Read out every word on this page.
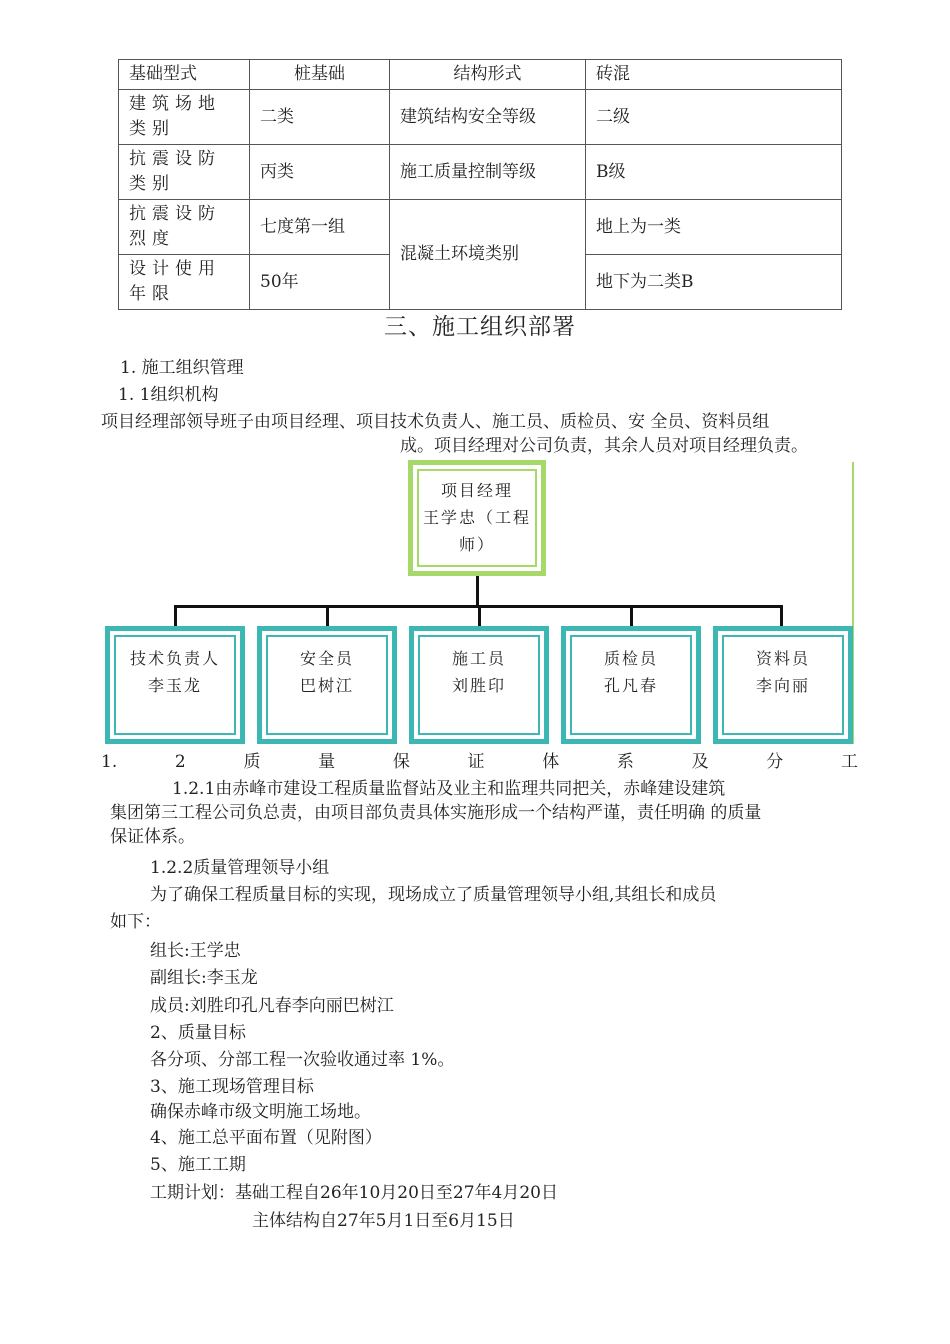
基础型式	桩基础	结构形式	砖混
建筑场地类别	二类	建筑结构安全等级	二级
抗震设防类别	丙类	施工质量控制等级	B级
抗震设防烈度	七度第一组	混凝土环境类别	地上为一类
设计使用年限	50年		地下为二类B
三、施工组织部署
1. 施工组织管理
1. 1组织机构
项目经理部领导班子由项目经理、项目技术负责人、施工员、质检员、安 全员、资料员组
成。项目经理对公司负责，其余人员对项目经理负责。
项目经理
王学忠（工程
师）
技术负责人
李玉龙
安全员
巴树江
施工员
刘胜印
质检员
孔凡春
资料员
李向丽
1.	2	质	量	保	证	体	系	及	分	工
1.2.1由赤峰市建设工程质量监督站及业主和监理共同把关，赤峰建设建筑
集团第三工程公司负总责，由项目部负责具体实施形成一个结构严谨，责任明确 的质量
保证体系。
1.2.2质量管理领导小组
为了确保工程质量目标的实现，现场成立了质量管理领导小组,其组长和成员
如下：
组长:王学忠
副组长:李玉龙
成员:刘胜印孔凡春李向丽巴树江
2、质量目标
各分项、分部工程一次验收通过率 1%。
3、施工现场管理目标
确保赤峰市级文明施工场地。
4、施工总平面布置（见附图）
5、施工工期
工期计划：基础工程自26年10月20日至27年4月20日
主体结构自27年5月1日至6月15日
